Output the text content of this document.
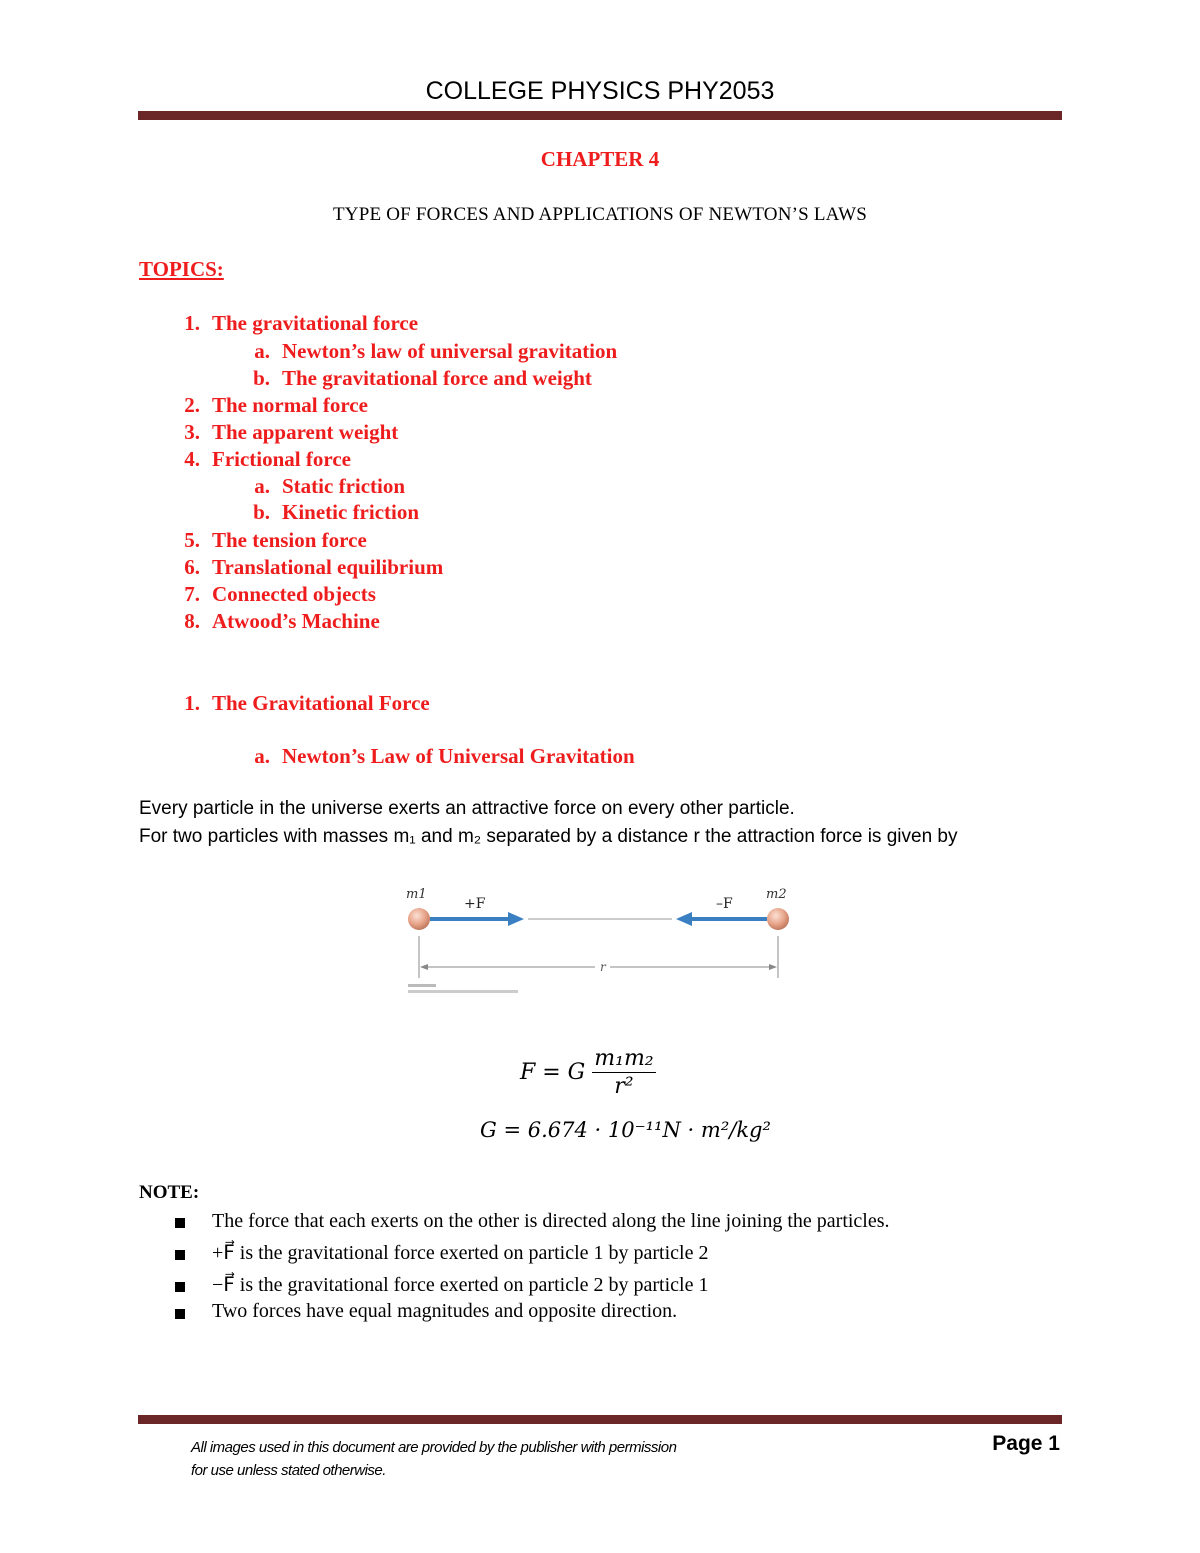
COLLEGE PHYSICS PHY2053
CHAPTER 4
TYPE OF FORCES AND APPLICATIONS OF NEWTON’S LAWS
TOPICS:
1. The gravitational force
a. Newton’s law of universal gravitation
b. The gravitational force and weight
2. The normal force
3. The apparent weight
4. Frictional force
a. Static friction
b. Kinetic friction
5. The tension force
6. Translational equilibrium
7. Connected objects
8. Atwood’s Machine
1. The Gravitational Force
a. Newton’s Law of Universal Gravitation
Every particle in the universe exerts an attractive force on every other particle.
For two particles with masses m₁ and m₂ separated by a distance r the attraction force is given by
m1	m2
+F	–F
r
F = G $\frac{\text{m₁m₂}}{\text{r²}}$
G = 6.674 · 10⁻¹¹N · m²/kg²
NOTE:
The force that each exerts on the other is directed along the line joining the particles.
+F⃗ is the gravitational force exerted on particle 1 by particle 2
−F⃗ is the gravitational force exerted on particle 2 by particle 1
Two forces have equal magnitudes and opposite direction.
All images used in this document are provided by the publisher with permission
for use unless stated otherwise.
Page 1
